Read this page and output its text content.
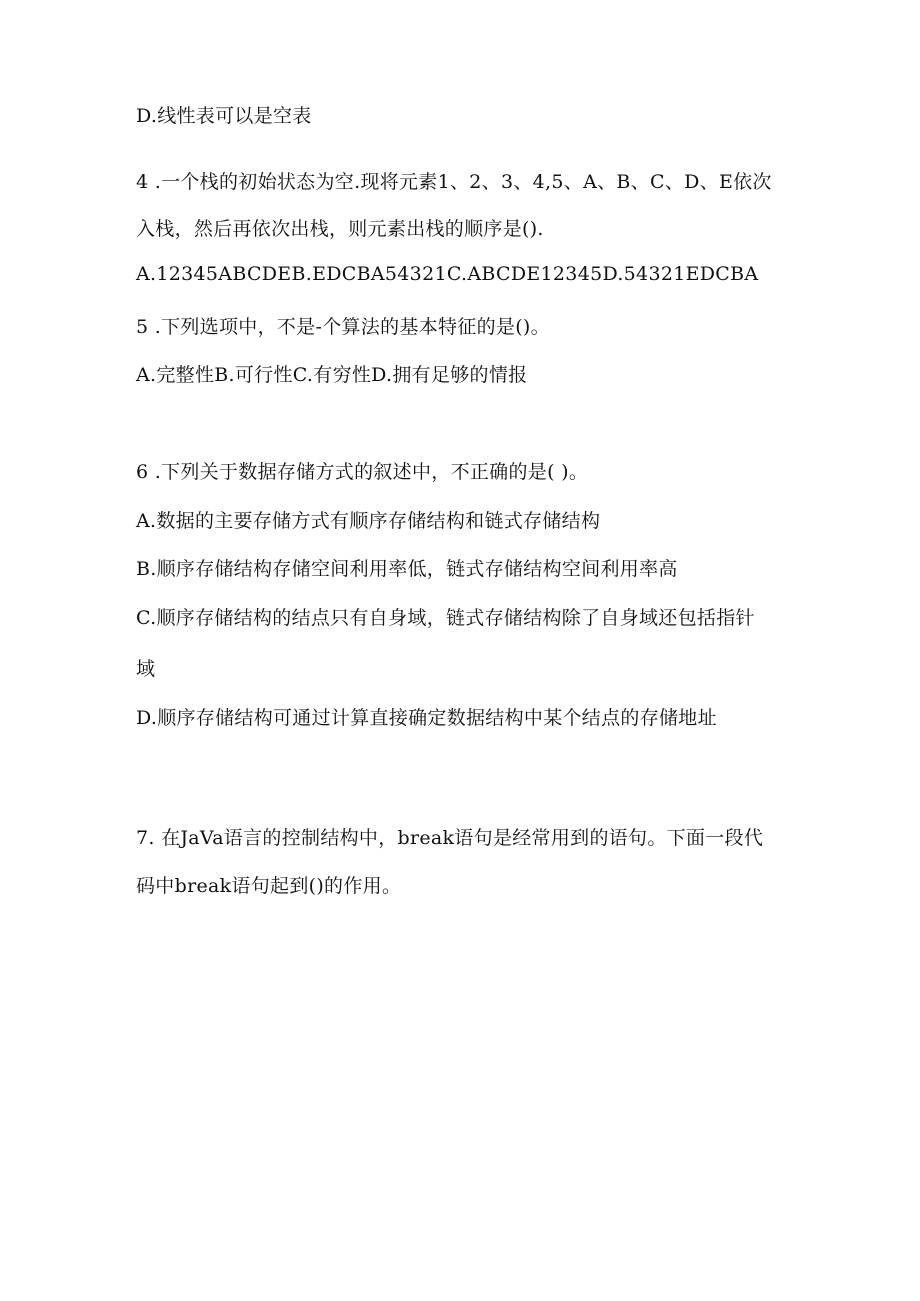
D.线性表可以是空表
4 .一个栈的初始状态为空.现将元素1、2、3、4,5、A、B、C、D、E依次
入栈，然后再依次出栈，则元素出栈的顺序是().
A.12345ABCDEB.EDCBA54321C.ABCDE12345D.54321EDCBA
5 .下列选项中，不是-个算法的基本特征的是()。
A.完整性B.可行性C.有穷性D.拥有足够的情报
6 .下列关于数据存储方式的叙述中，不正确的是( )。
A.数据的主要存储方式有顺序存储结构和链式存储结构
B.顺序存储结构存储空间利用率低，链式存储结构空间利用率高
C.顺序存储结构的结点只有自身域，链式存储结构除了自身域还包括指针
域
D.顺序存储结构可通过计算直接确定数据结构中某个结点的存储地址
7. 在JaVa语言的控制结构中，break语句是经常用到的语句。下面一段代
码中break语句起到()的作用。
